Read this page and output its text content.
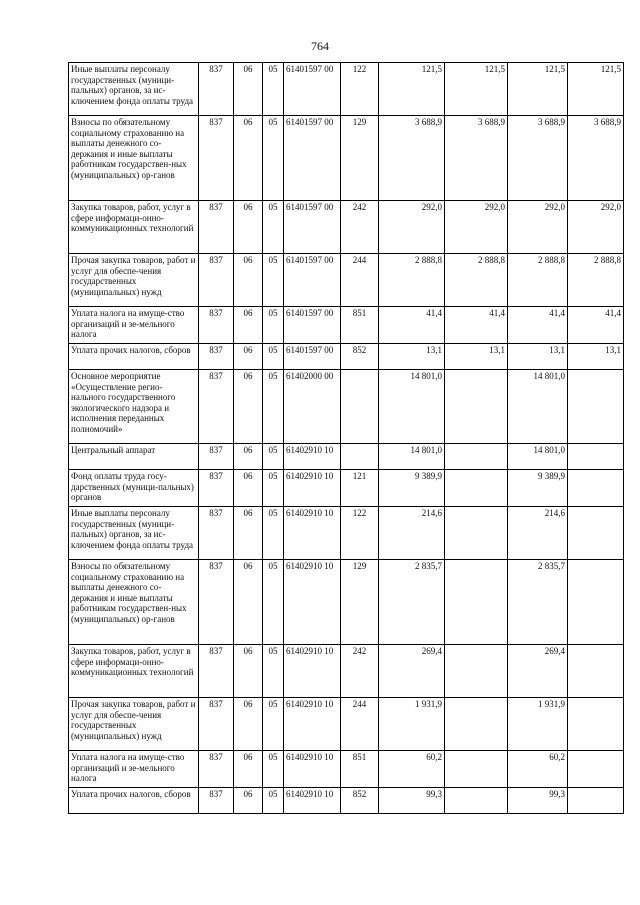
764
Иные выплаты персоналу государственных (муници-пальных) органов, за ис-ключением фонда оплаты труда	837	06	05	61401597 00	122	121,5	121,5	121,5	121,5
Взносы по обязательному социальному страхованию на выплаты денежного со-держания и иные выплаты работникам государствен-ных (муниципальных) ор-ганов	837	06	05	61401597 00	129	3 688,9	3 688,9	3 688,9	3 688,9
Закупка товаров, работ, услуг в сфере информаци-онно-коммуникационных технологий	837	06	05	61401597 00	242	292,0	292,0	292,0	292,0
Прочая закупка товаров, работ и услуг для обеспе-чения государственных (муниципальных) нужд	837	06	05	61401597 00	244	2 888,8	2 888,8	2 888,8	2 888,8
Уплата налога на имуще-ство организаций и зе-мельного налога	837	06	05	61401597 00	851	41,4	41,4	41,4	41,4
Уплата прочих налогов, сборов	837	06	05	61401597 00	852	13,1	13,1	13,1	13,1
Основное мероприятие «Осуществление регио-нального государственного экологического надзора и исполнения переданных полномочий»	837	06	05	61402000 00		14 801,0		14 801,0	
Центральный аппарат	837	06	05	61402910 10		14 801,0		14 801,0	
Фонд оплаты труда госу-дарственных (муници-пальных) органов	837	06	05	61402910 10	121	9 389,9		9 389,9	
Иные выплаты персоналу государственных (муници-пальных) органов, за ис-ключением фонда оплаты труда	837	06	05	61402910 10	122	214,6		214,6	
Взносы по обязательному социальному страхованию на выплаты денежного со-держания и иные выплаты работникам государствен-ных (муниципальных) ор-ганов	837	06	05	61402910 10	129	2 835,7		2 835,7	
Закупка товаров, работ, услуг в сфере информаци-онно-коммуникационных технологий	837	06	05	61402910 10	242	269,4		269,4	
Прочая закупка товаров, работ и услуг для обеспе-чения государственных (муниципальных) нужд	837	06	05	61402910 10	244	1 931,9		1 931,9	
Уплата налога на имуще-ство организаций и зе-мельного налога	837	06	05	61402910 10	851	60,2		60,2	
Уплата прочих налогов, сборов	837	06	05	61402910 10	852	99,3		99,3	
